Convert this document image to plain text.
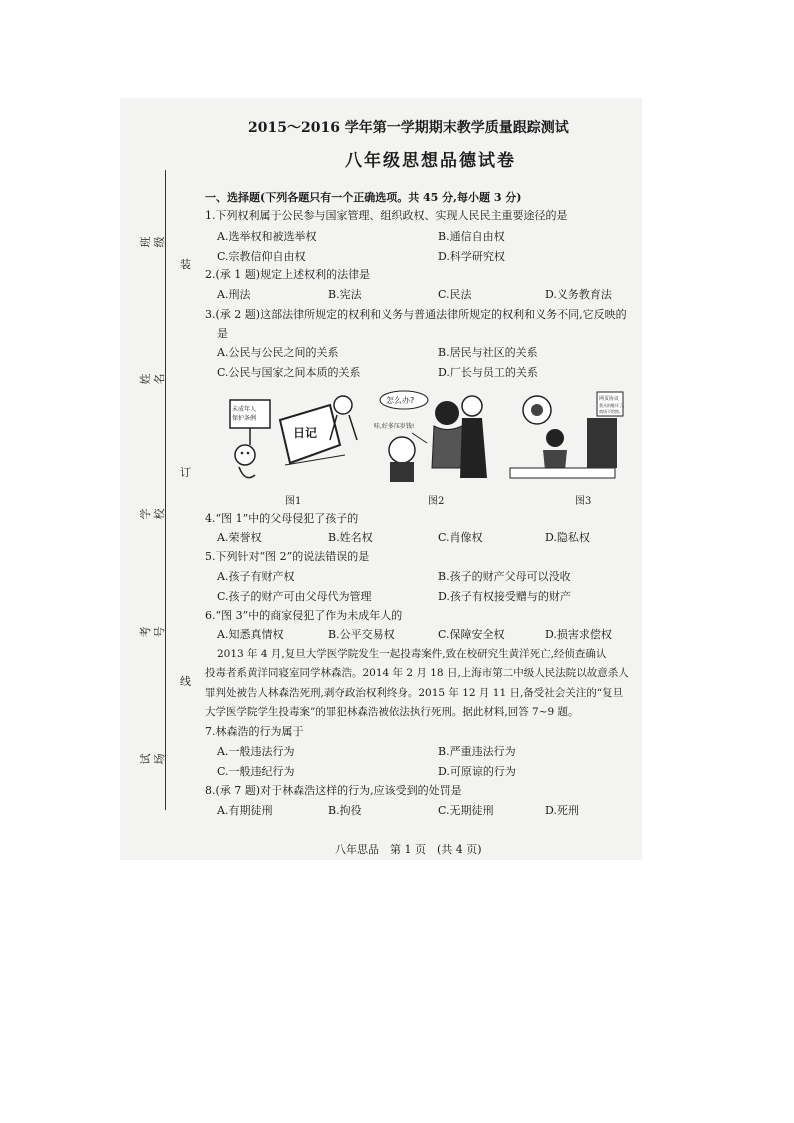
班级
姓名
学校
考号
试场
装
订
线
2015～2016 学年第一学期期末教学质量跟踪测试
八年级思想品德试卷
一、选择题(下列各题只有一个正确选项。共 45 分,每小题 3 分)
1.下列权利属于公民参与国家管理、组织政权、实现人民民主重要途径的是
A.选举权和被选举权	B.通信自由权
C.宗教信仰自由权	D.科学研究权
2.(承 1 题)规定上述权利的法律是
A.刑法	B.宪法	C.民法	D.义务教育法
3.(承 2 题)这部法律所规定的权利和义务与普通法律所规定的权利和义务不同,它反映的
是
A.公民与公民之间的关系	B.居民与社区的关系
C.公民与国家之间本质的关系	D.厂长与员工的关系
未成年人
保护条例
日记
怎么办?
哇,好多压岁钱!
网页协议
我买的鞋坏了,
商场不给换。
图1	图2	图3
4.“图 1”中的父母侵犯了孩子的
A.荣誉权	B.姓名权	C.肖像权	D.隐私权
5.下列针对“图 2”的说法错误的是
A.孩子有财产权	B.孩子的财产父母可以没收
C.孩子的财产可由父母代为管理	D.孩子有权接受赠与的财产
6.“图 3”中的商家侵犯了作为未成年人的
A.知悉真情权	B.公平交易权	C.保障安全权	D.损害求偿权
2013 年 4 月,复旦大学医学院发生一起投毒案件,致在校研究生黄洋死亡,经侦查确认
投毒者系黄洋同寝室同学林森浩。2014 年 2 月 18 日,上海市第二中级人民法院以故意杀人
罪判处被告人林森浩死刑,剥夺政治权利终身。2015 年 12 月 11 日,备受社会关注的“复旦
大学医学院学生投毒案”的罪犯林森浩被依法执行死刑。据此材料,回答 7~9 题。
7.林森浩的行为属于
A.一般违法行为	B.严重违法行为
C.一般违纪行为	D.可原谅的行为
8.(承 7 题)对于林森浩这样的行为,应该受到的处罚是
A.有期徒刑	B.拘役	C.无期徒刑	D.死刑
八年思品　第 1 页　(共 4 页)
